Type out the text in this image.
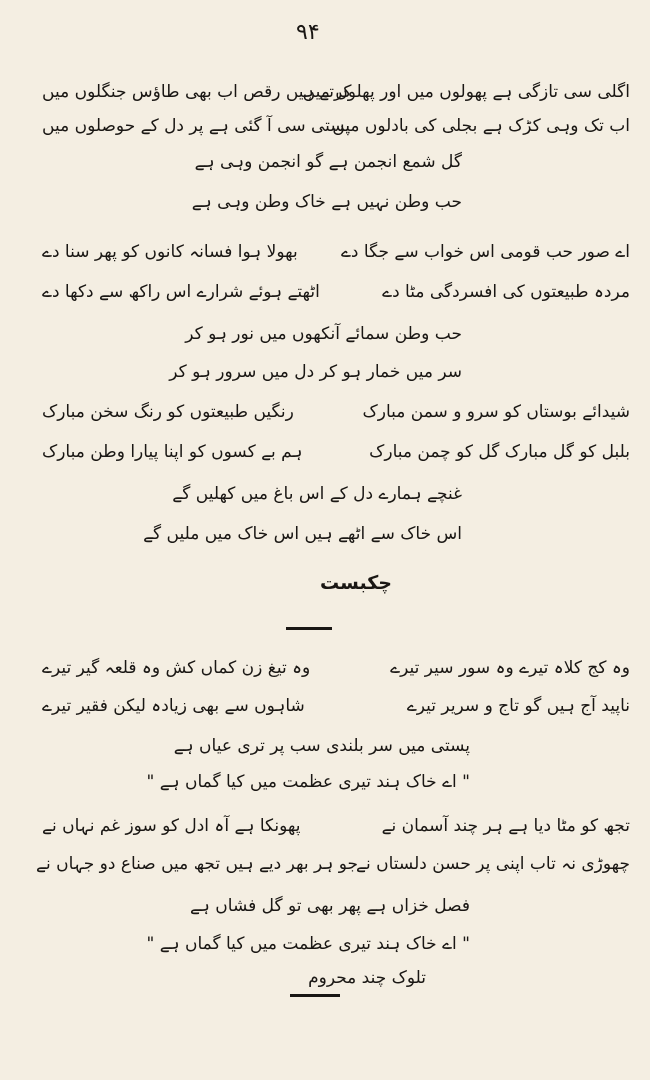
۹۴
اگلی سی تازگی ہے پھولوں میں اور پھلوں میں
کرتے ہیں رقص اب بھی طاؤس جنگلوں میں
اب تک وہی کڑک ہے بجلی کی بادلوں میں
پستی سی آ گئی ہے پر دل کے حوصلوں میں
گل شمع انجمن ہے گو انجمن وہی ہے
حب وطن نہیں ہے خاک وطن وہی ہے
اے صور حب قومی اس خواب سے جگا دے
بھولا ہوا فسانہ کانوں کو پھر سنا دے
مردہ طبیعتوں کی افسردگی مٹا دے
اٹھتے ہوئے شرارے اس راکھ سے دکھا دے
حب وطن سمائے آنکھوں میں نور ہو کر
سر میں خمار ہو کر دل میں سرور ہو کر
شیدائے بوستاں کو سرو و سمن مبارک
رنگیں طبیعتوں کو رنگ سخن مبارک
بلبل کو گل مبارک گل کو چمن مبارک
ہم بے کسوں کو اپنا پیارا وطن مبارک
غنچے ہمارے دل کے اس باغ میں کھلیں گے
اس خاک سے اٹھے ہیں اس خاک میں ملیں گے
چکبست
وہ کج کلاہ تیرے وہ سور سیر تیرے
وہ تیغ زن کماں کش وہ قلعہ گیر تیرے
ناپید آج ہیں گو تاج و سریر تیرے
شاہوں سے بھی زیادہ لیکن فقیر تیرے
پستی میں سر بلندی سب پر تری عیاں ہے
" اے خاک ہند تیری عظمت میں کیا گماں ہے "
تجھ کو مٹا دیا ہے ہر چند آسمان نے
پھونکا ہے آہ ادل کو سوز غم نہاں نے
چھوڑی نہ تاب اپنی پر حسن دلستاں نے
جو ہر بھر دیے ہیں تجھ میں صناع دو جہاں نے
فصل خزاں ہے پھر بھی تو گل فشاں ہے
" اے خاک ہند تیری عظمت میں کیا گماں ہے "
تلوک چند محروم
